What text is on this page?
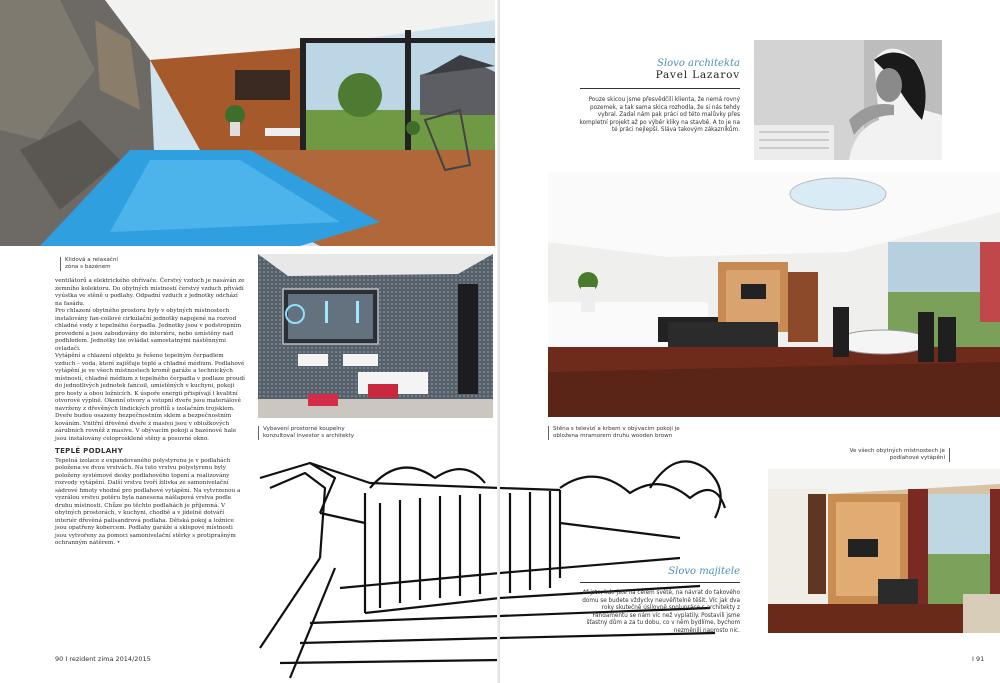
Klidová a relaxační
zóna s bazénem
Vybavení prostorné koupelny
konzultoval investor s architekty

ventilátorů a elektrického ohřívače. Čerstvý vzduch je nasáván ze zemního kolektoru. Do obytných místností čerstvý vzduch přivádí vyústka ve stěně u podlahy. Odpadní vzduch z jednotky odchází na fasádu.

Pro chlazení obytného prostoru byly v obytných místnostech instalovány fan-coilové cirkulační jednotky napojené na rozvod chladné vody z tepelného čerpadla. Jednotky jsou v podstropním provedení a jsou zabudovány do interiéru, nebo umístěny nad podhledem. Jednotky lze ovládat samostatnými nástěnnými ovladači.

Vytápění a chlazení objektu je řešeno tepelným čerpadlem vzduch – voda, které zajišťuje teplé a chladné médium. Podlahové vytápění je ve všech místnostech kromě garáže a technických místností, chladné médium z tepelného čerpadla v podlaze proudí do jednotlivých jednotek fancoil, umístěných v kuchyni, pokoji pro hosty a obou ložnicích. K úspoře energií přispívají i kvalitní otvorové výplně. Okenní otvory a vstupní dveře jsou materiálově navrženy z dřevěných lindických profilů s izolačním trojsklem. Dveře budou osazeny bezpečnostním sklem a bezpečnostním kováním. Vnitřní dřevěné dveře z masivu jsou v obložkových zárubních rovněž z masivu. V obývacím pokoji a bazénové hale jsou instalovány celoproskleně stěny a posuvné okno.

TEPLÉ PODLAHY

Tepelná izolace z expandovaného polystyrenu je v podlahách položena ve dvou vrstvách. Na tuto vrstvu polystyrenu byly položeny systémové desky podlahového topení a realizovány rozvody vytápění. Další vrstvu tvoří žilivka ze samonivelační sádrové hmoty vhodné pro podlahové vytápění. Na vytvrzenou a vyzrálou vrstvu potěru byla nanesena nášlapová vrstva podle druhu místnosti. Chůze po těchto podlahách je příjemná. V obytných prostorách, v kuchyni, chodbě a v jídelně dotváří interiér dřevěná palisandrová podlaha. Dětská pokoj a ložnice jsou opatřeny kobercem. Podlahy garáže a sklepové místnosti jsou vytvořeny za pomoci samonivelační stěrky s protiprašným ochranným nátěrem. •

90 I rezident zima 2014/2015
Slovo architekta
Pavel Lazarov
Pouze skicou jsme přesvědčili klienta, že nemá rovný pozemek, a tak sama skica rozhodla, že si nás tehdy vybral. Zadal nám pak práci od této malůvky přes kompletní projekt až po výběr kliky na stavbě. A to je na té práci nejlepší. Sláva takovým zákazníkům.
Stěna s televizí a krbem v obývacím pokoji je
obložena mramorem druhu wooden brown
Ve všech obytných místnostech je
podlahové vytápění
Slovo majitele
Ať jste, kde jste na celém světě, na návrat do takového domu se budete vždycky neuvěřitelně těšit. Víc jak dva roky skutečně úsilovně spolupráce s architekty z Fandamentu se nám víc než vyplatily. Postavili jsme šťastný dům a za tu dobu, co v něm bydlíme, bychom nezměnili naprosto nic.
I 91
